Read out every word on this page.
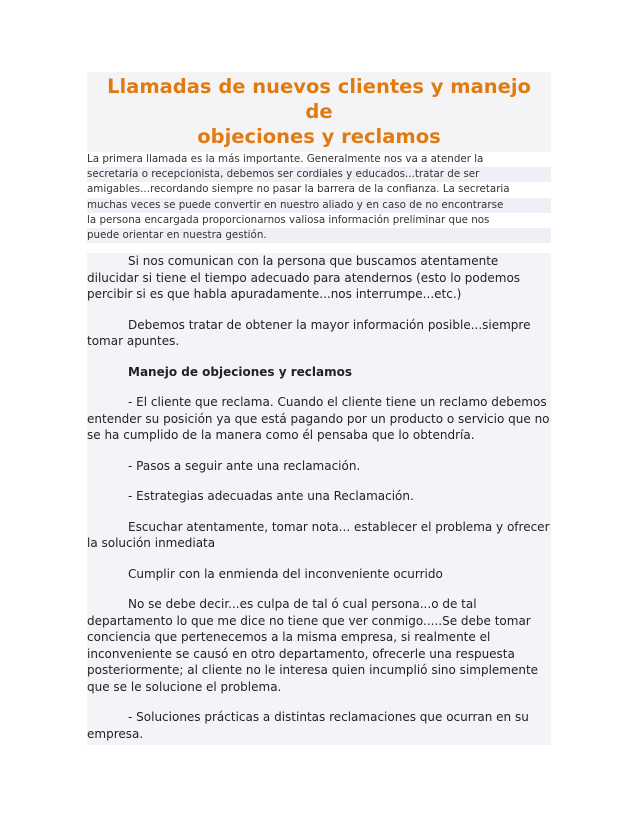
Llamadas de nuevos clientes y manejo de
objeciones y reclamos

La primera llamada es la más importante. Generalmente nos va a atender la
secretaria o recepcionista, debemos ser cordiales y educados...tratar de ser
amigables...recordando siempre no pasar la barrera de la confianza. La secretaria
muchas veces se puede convertir en nuestro aliado y en caso de no encontrarse
la persona encargada proporcionarnos valiosa información preliminar que nos
puede orientar en nuestra gestión.

Si nos comunican con la persona que buscamos atentamente dilucidar si tiene el tiempo adecuado para atendernos (esto lo podemos percibir si es que habla apuradamente...nos interrumpe...etc.)

Debemos tratar de obtener la mayor información posible...siempre tomar apuntes.

Manejo de objeciones y reclamos

- El cliente que reclama. Cuando el cliente tiene un reclamo debemos entender su posición ya que está pagando por un producto o servicio que no se ha cumplido de la manera como él pensaba que lo obtendría.

- Pasos a seguir ante una reclamación.

- Estrategias adecuadas ante una Reclamación.

Escuchar atentamente, tomar nota... establecer el problema y ofrecer la solución inmediata

Cumplir con la enmienda del inconveniente ocurrido

No se debe decir...es culpa de tal ó cual persona...o de tal departamento lo que me dice no tiene que ver conmigo.....Se debe tomar conciencia que pertenecemos a la misma empresa, si realmente el inconveniente se causó en otro departamento, ofrecerle una respuesta posteriormente; al cliente no le interesa quien incumplió sino simplemente que se le solucione el problema.

- Soluciones prácticas a distintas reclamaciones que ocurran en su empresa.
